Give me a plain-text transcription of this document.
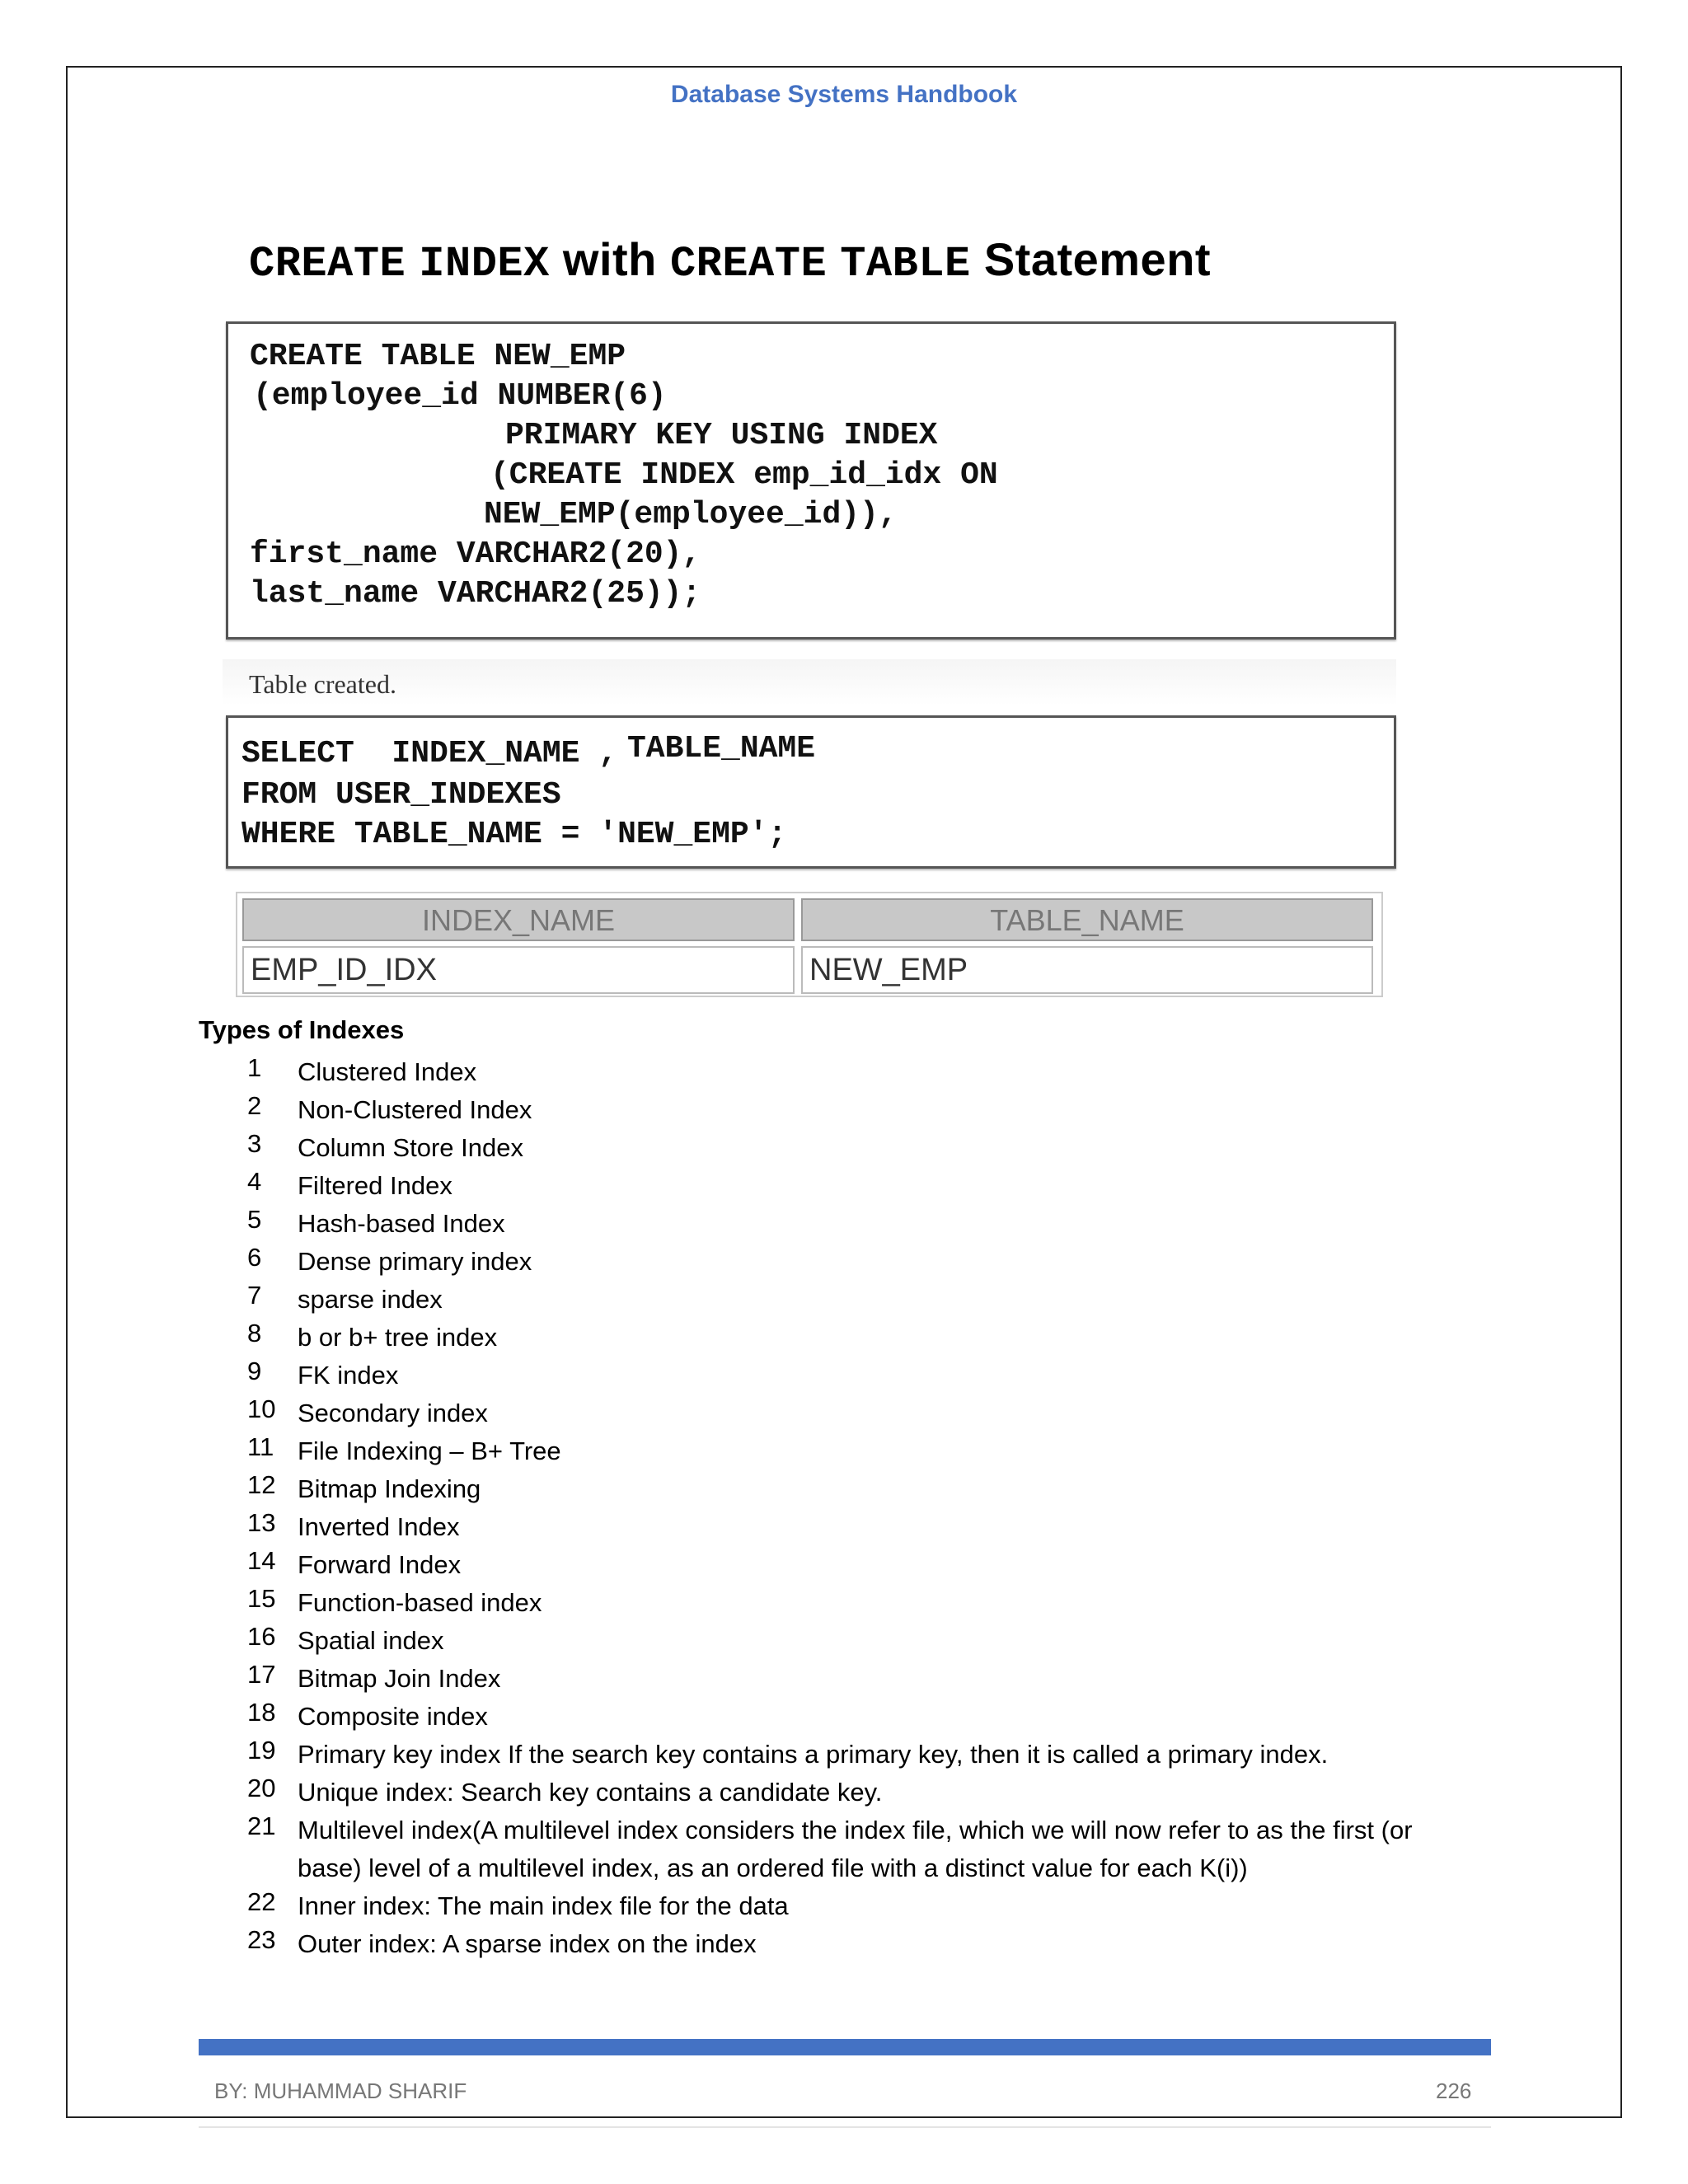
Database Systems Handbook
CREATE INDEX with CREATE TABLE Statement
CREATE TABLE NEW_EMP
(employee_id NUMBER(6)
PRIMARY KEY USING INDEX
(CREATE INDEX emp_id_idx ON
NEW_EMP(employee_id)),
first_name VARCHAR2(20),
last_name VARCHAR2(25));
Table created.
SELECT  INDEX_NAME , TABLE_NAME
FROM USER_INDEXES
WHERE TABLE_NAME = 'NEW_EMP';
INDEX_NAME	TABLE_NAME
EMP_ID_IDX	NEW_EMP
Types of Indexes
1 Clustered Index
2 Non-Clustered Index
3 Column Store Index
4 Filtered Index
5 Hash-based Index
6 Dense primary index
7 sparse index
8 b or b+ tree index
9 FK index
10 Secondary index
11 File Indexing – B+ Tree
12 Bitmap Indexing
13 Inverted Index
14 Forward Index
15 Function-based index
16 Spatial index
17 Bitmap Join Index
18 Composite index
19 Primary key index If the search key contains a primary key, then it is called a primary index.
20 Unique index: Search key contains a candidate key.
21 Multilevel index(A multilevel index considers the index file, which we will now refer to as the first (or base) level of a multilevel index, as an ordered file with a distinct value for each K(i))
22 Inner index: The main index file for the data
23 Outer index: A sparse index on the index
BY: MUHAMMAD SHARIF	226
